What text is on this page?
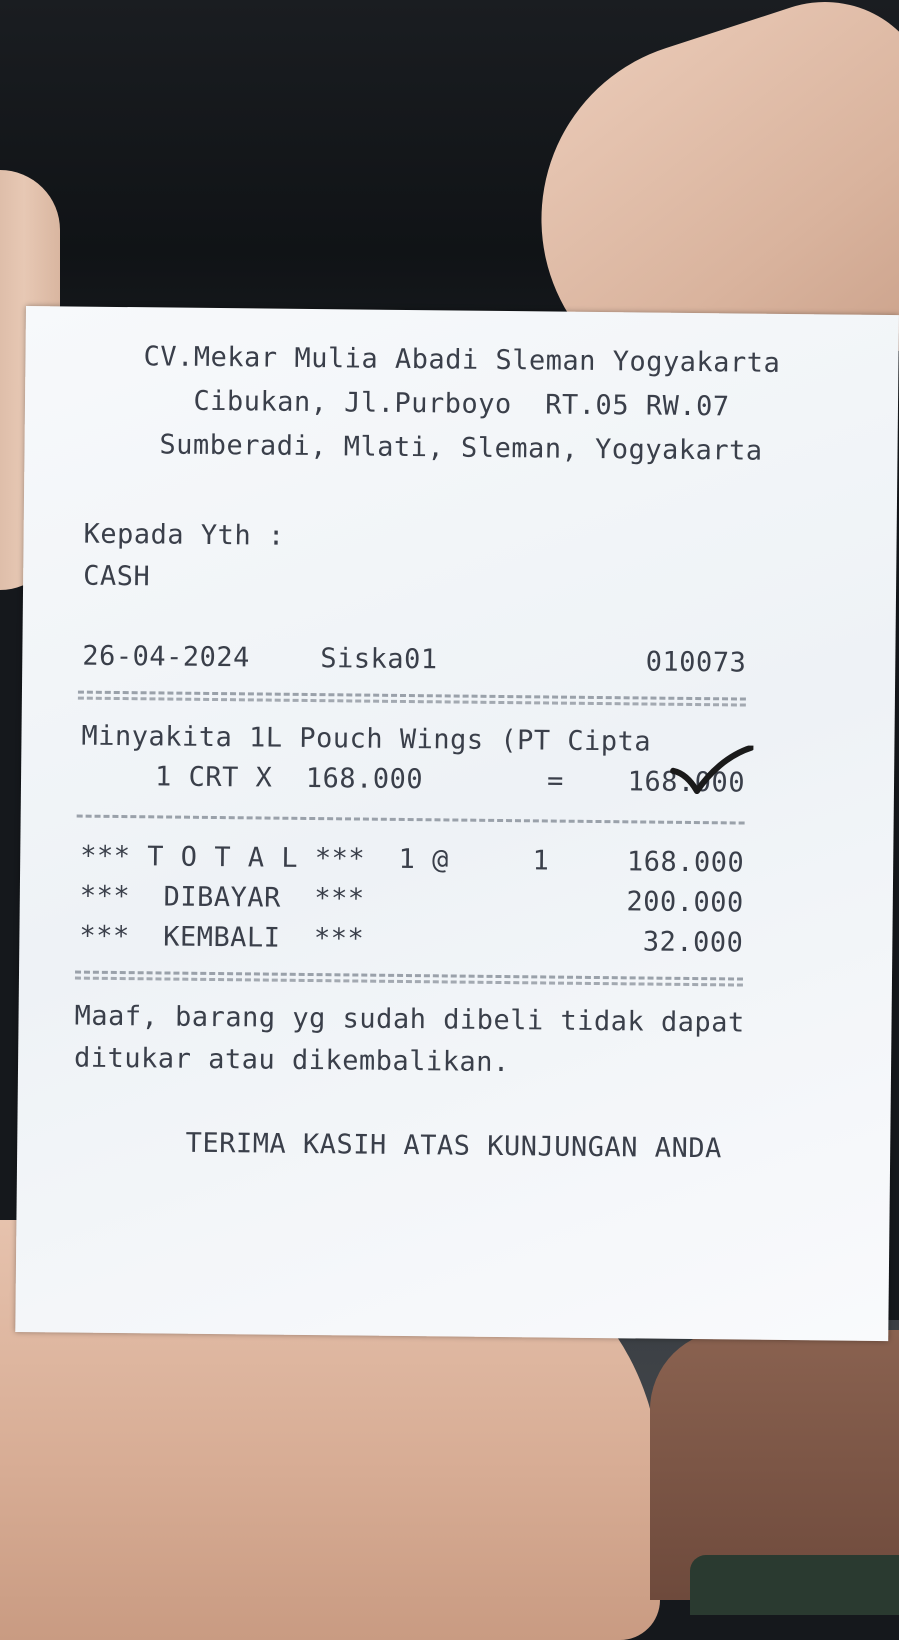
CV.Mekar Mulia Abadi Sleman Yogyakarta
Cibukan, Jl.Purboyo  RT.05 RW.07
Sumberadi, Mlati, Sleman, Yogyakarta
Kepada Yth :
CASH
26-04-2024	Siska01	010073
Minyakita 1L Pouch Wings (PT Cipta
1 CRT X  168.000	=	168.000
*** T O T A L ***  1 @     1	168.000
***  DIBAYAR  ***	200.000
***  KEMBALI  ***	32.000
Maaf, barang yg sudah dibeli tidak dapat
ditukar atau dikembalikan.
TERIMA KASIH ATAS KUNJUNGAN ANDA
